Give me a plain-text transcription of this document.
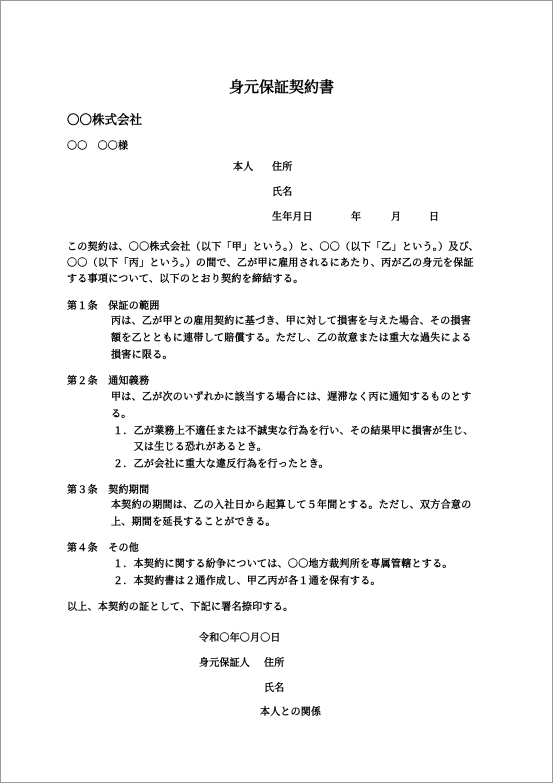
身元保証契約書
〇〇株式会社
〇〇　〇〇様
本人 住所
氏名
生年月日	年	月	日
この契約は、〇〇株式会社（以下「甲」という。）と、〇〇（以下「乙」という。）及び、
〇〇（以下「丙」という。）の間で、乙が甲に雇用されるにあたり、丙が乙の身元を保証
する事項について、以下のとおり契約を締結する。
第１条　保証の範囲
丙は、乙が甲との雇用契約に基づき、甲に対して損害を与えた場合、その損害
額を乙とともに連帯して賠償する。ただし、乙の故意または重大な過失による
損害に限る。
第２条　通知義務
甲は、乙が次のいずれかに該当する場合には、遅滞なく丙に通知するものとす
る。
１．乙が業務上不適任または不誠実な行為を行い、その結果甲に損害が生じ、
　　又は生じる恐れがあるとき。
２．乙が会社に重大な違反行為を行ったとき。
第３条　契約期間
本契約の期間は、乙の入社日から起算して５年間とする。ただし、双方合意の
上、期間を延長することができる。
第４条　その他
１．本契約に関する紛争については、〇〇地方裁判所を専属管轄とする。
２．本契約書は２通作成し、甲乙丙が各１通を保有する。
以上、本契約の証として、下記に署名捺印する。
令和〇年〇月〇日
身元保証人 住所
氏名
本人との関係
